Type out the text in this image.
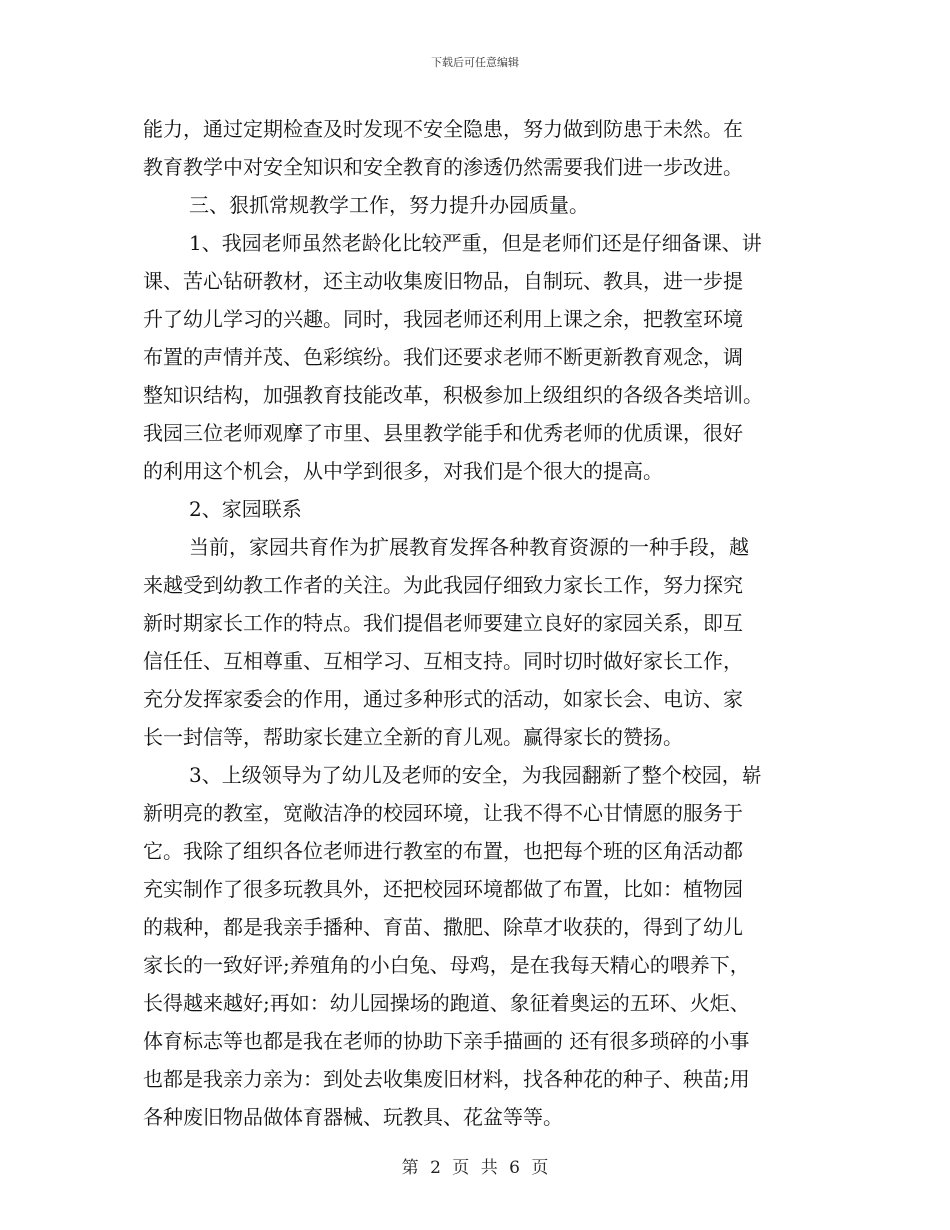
下载后可任意编辑
能力，通过定期检查及时发现不安全隐患，努力做到防患于未然。在
教育教学中对安全知识和安全教育的渗透仍然需要我们进一步改进。
三、狠抓常规教学工作，努力提升办园质量。
1、我园老师虽然老龄化比较严重，但是老师们还是仔细备课、讲
课、苦心钻研教材，还主动收集废旧物品，自制玩、教具，进一步提
升了幼儿学习的兴趣。同时，我园老师还利用上课之余，把教室环境
布置的声情并茂、色彩缤纷。我们还要求老师不断更新教育观念，调
整知识结构，加强教育技能改革，积极参加上级组织的各级各类培训。
我园三位老师观摩了市里、县里教学能手和优秀老师的优质课，很好
的利用这个机会，从中学到很多，对我们是个很大的提高。
2、家园联系
当前，家园共育作为扩展教育发挥各种教育资源的一种手段，越
来越受到幼教工作者的关注。为此我园仔细致力家长工作，努力探究
新时期家长工作的特点。我们提倡老师要建立良好的家园关系，即互
信任任、互相尊重、互相学习、互相支持。同时切时做好家长工作，
充分发挥家委会的作用，通过多种形式的活动，如家长会、电访、家
长一封信等，帮助家长建立全新的育儿观。赢得家长的赞扬。
3、上级领导为了幼儿及老师的安全，为我园翻新了整个校园，崭
新明亮的教室，宽敞洁净的校园环境，让我不得不心甘情愿的服务于
它。我除了组织各位老师进行教室的布置，也把每个班的区角活动都
充实制作了很多玩教具外，还把校园环境都做了布置，比如：植物园
的栽种，都是我亲手播种、育苗、撒肥、除草才收获的，得到了幼儿
家长的一致好评;养殖角的小白兔、母鸡，是在我每天精心的喂养下，
长得越来越好;再如：幼儿园操场的跑道、象征着奥运的五环、火炬、
体育标志等也都是我在老师的协助下亲手描画的 还有很多琐碎的小事
也都是我亲力亲为：到处去收集废旧材料，找各种花的种子、秧苗;用
各种废旧物品做体育器械、玩教具、花盆等等。
第 2 页 共 6 页
